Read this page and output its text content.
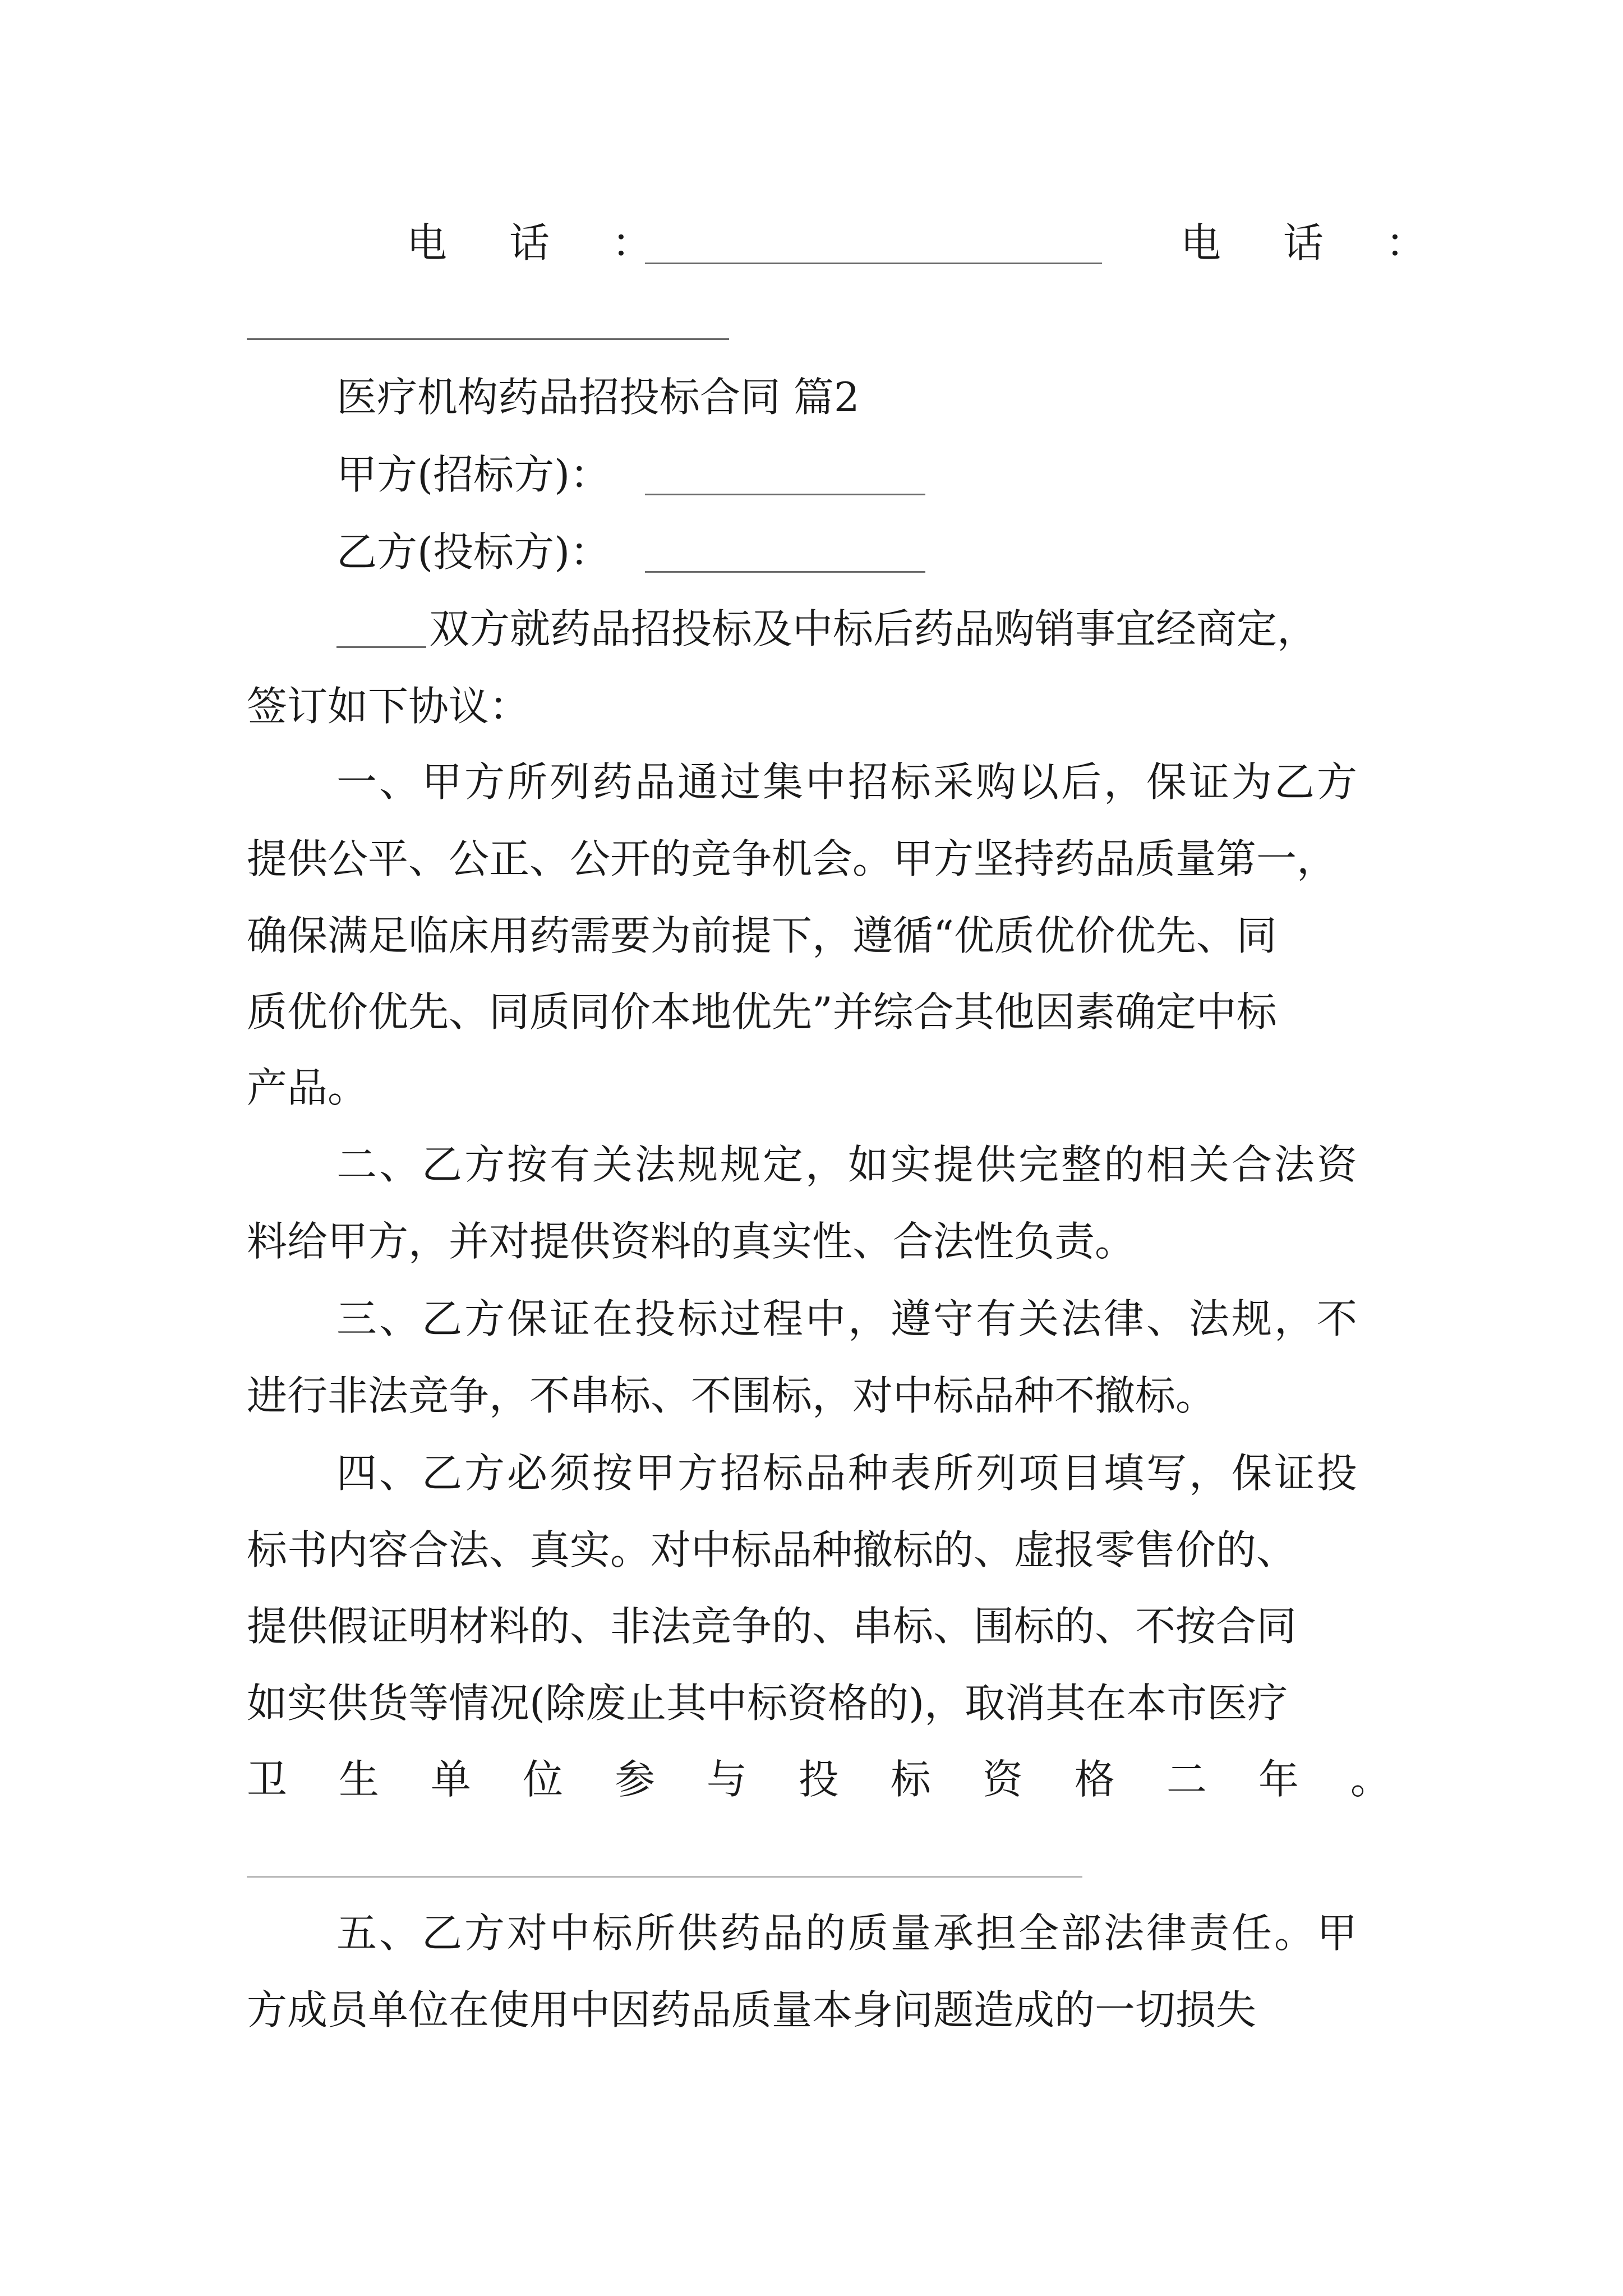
电 话 ：	电 话 ：
医疗机构药品招投标合同 篇2
甲方(招标方)：
乙方(投标方)：
双方就药品招投标及中标后药品购销事宜经商定，
签订如下协议：
一、甲方所列药品通过集中招标采购以后，保证为乙方
提供公平、公正、公开的竞争机会。甲方坚持药品质量第一，
确保满足临床用药需要为前提下，遵循“优质优价优先、同
质优价优先、同质同价本地优先”并综合其他因素确定中标
产品。
二、乙方按有关法规规定，如实提供完整的相关合法资
料给甲方，并对提供资料的真实性、合法性负责。
三、乙方保证在投标过程中，遵守有关法律、法规，不
进行非法竞争，不串标、不围标，对中标品种不撤标。
四、乙方必须按甲方招标品种表所列项目填写，保证投
标书内容合法、真实。对中标品种撤标的、虚报零售价的、
提供假证明材料的、非法竞争的、串标、围标的、不按合同
如实供货等情况(除废止其中标资格的)，取消其在本市医疗
卫 生 单 位 参 与 投 标 资 格 二 年 。
五、乙方对中标所供药品的质量承担全部法律责任。甲
方成员单位在使用中因药品质量本身问题造成的一切损失
